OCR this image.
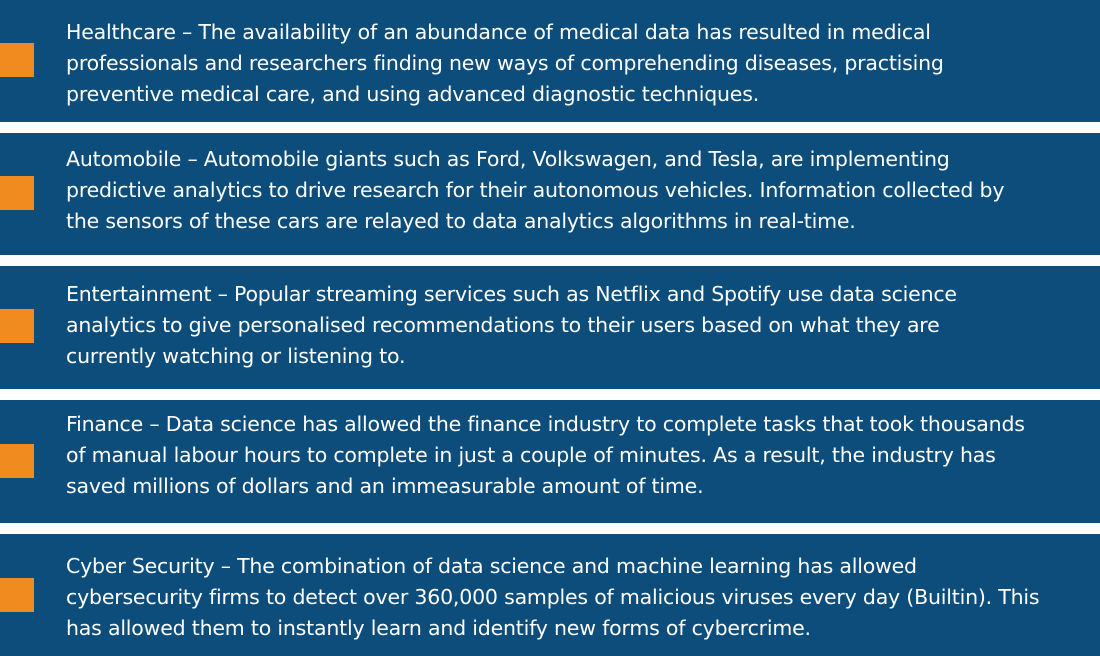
Healthcare – The availability of an abundance of medical data has resulted in medical
professionals and researchers finding new ways of comprehending diseases, practising
preventive medical care, and using advanced diagnostic techniques.
Automobile – Automobile giants such as Ford, Volkswagen, and Tesla, are implementing
predictive analytics to drive research for their autonomous vehicles. Information collected by
the sensors of these cars are relayed to data analytics algorithms in real-time.
Entertainment – Popular streaming services such as Netflix and Spotify use data science
analytics to give personalised recommendations to their users based on what they are
currently watching or listening to.
Finance – Data science has allowed the finance industry to complete tasks that took thousands
of manual labour hours to complete in just a couple of minutes. As a result, the industry has
saved millions of dollars and an immeasurable amount of time.
Cyber Security – The combination of data science and machine learning has allowed
cybersecurity firms to detect over 360,000 samples of malicious viruses every day (Builtin). This
has allowed them to instantly learn and identify new forms of cybercrime.
